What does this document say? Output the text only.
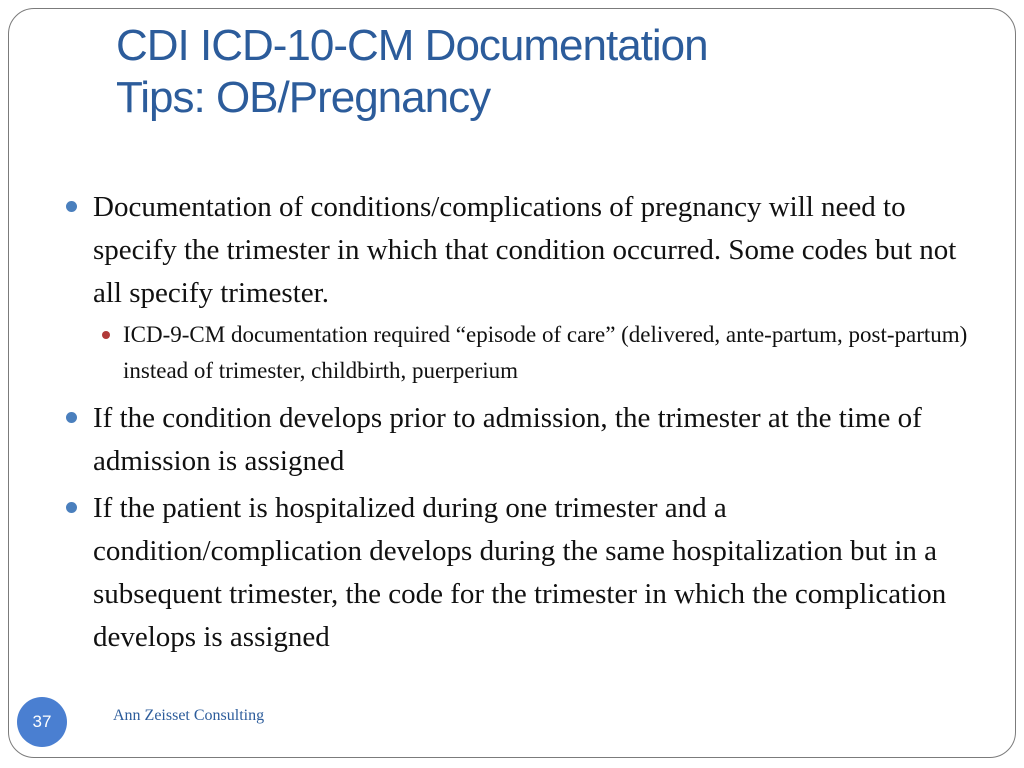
CDI ICD-10-CM Documentation
Tips: OB/Pregnancy
Documentation of conditions/complications of pregnancy will need to specify the trimester in which that condition occurred. Some codes but not all specify trimester.
ICD-9-CM documentation required “episode of care” (delivered, ante-partum, post-partum) instead of trimester, childbirth, puerperium
If the condition develops prior to admission, the trimester at the time of admission is assigned
If the patient is hospitalized during one trimester and a condition/complication develops during the same hospitalization but in a subsequent trimester, the code for the trimester in which the complication develops is assigned
37	Ann Zeisset Consulting
